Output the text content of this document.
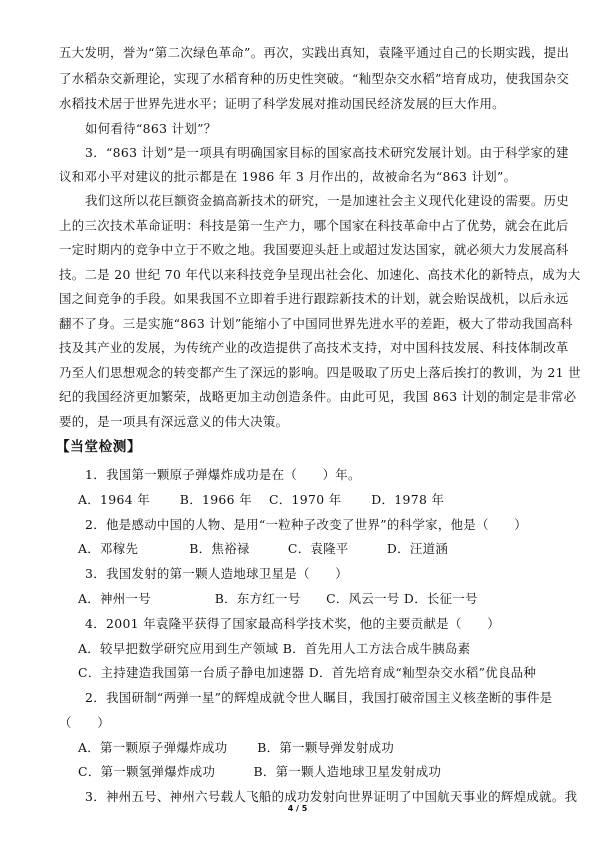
五大发明，誉为“第二次绿色革命”。再次，实践出真知，袁隆平通过自己的长期实践，提出
了水稻杂交新理论，实现了水稻育种的历史性突破。“籼型杂交水稻”培育成功，使我国杂交
水稻技术居于世界先进水平；证明了科学发展对推动国民经济发展的巨大作用。
如何看待“863 计划”？
3．“863 计划”是一项具有明确国家目标的国家高技术研究发展计划。由于科学家的建
议和邓小平对建议的批示都是在 1986 年 3 月作出的，故被命名为“863 计划”。
我们这所以花巨额资金搞高新技术的研究，一是加速社会主义现代化建设的需要。历史
上的三次技术革命证明：科技是第一生产力，哪个国家在科技革命中占了优势，就会在此后
一定时期内的竞争中立于不败之地。我国要迎头赶上或超过发达国家，就必须大力发展高科
技。二是 20 世纪 70 年代以来科技竞争呈现出社会化、加速化、高技术化的新特点，成为大
国之间竞争的手段。如果我国不立即着手进行跟踪新技术的计划，就会贻误战机，以后永远
翻不了身。三是实施“863 计划”能缩小了中国同世界先进水平的差距，极大了带动我国高科
技及其产业的发展，为传统产业的改造提供了高技术支持，对中国科技发展、科技体制改革
乃至人们思想观念的转变都产生了深远的影响。四是吸取了历史上落后挨打的教训，为 21 世
纪的我国经济更加繁荣，战略更加主动创造条件。由此可见，我国 863 计划的制定是非常必
要的，是一项具有深远意义的伟大决策。
【当堂检测】
1．我国第一颗原子弹爆炸成功是在（　　）年。
A．1964 年　　 B．1966 年　 C．1970 年　　 D．1978 年
2．他是感动中国的人物、是用“一粒种子改变了世界”的科学家，他是（　　）
A．邓稼先　　　　B．焦裕禄　　　C．袁隆平　　　D．汪道涵
3．我国发射的第一颗人造地球卫星是（　　）
A．神州一号　　　　　B．东方红一号　　C．风云一号 D．长征一号
4．2001 年袁隆平获得了国家最高科学技术奖，他的主要贡献是（　　）
A．较早把数学研究应用到生产领域 B．首先用人工方法合成牛胰岛素
C．主持建造我国第一台质子静电加速器 D．首先培育成“籼型杂交水稻”优良品种
2．我国研制“两弹一星”的辉煌成就令世人瞩目，我国打破帝国主义核垄断的事件是
（　　）
A．第一颗原子弹爆炸成功　　 B．第一颗导弹发射成功
C．第一颗氢弹爆炸成功　　　B．第一颗人造地球卫星发射成功
3．神州五号、神州六号载人飞船的成功发射向世界证明了中国航天事业的辉煌成就。我
4 / 5
